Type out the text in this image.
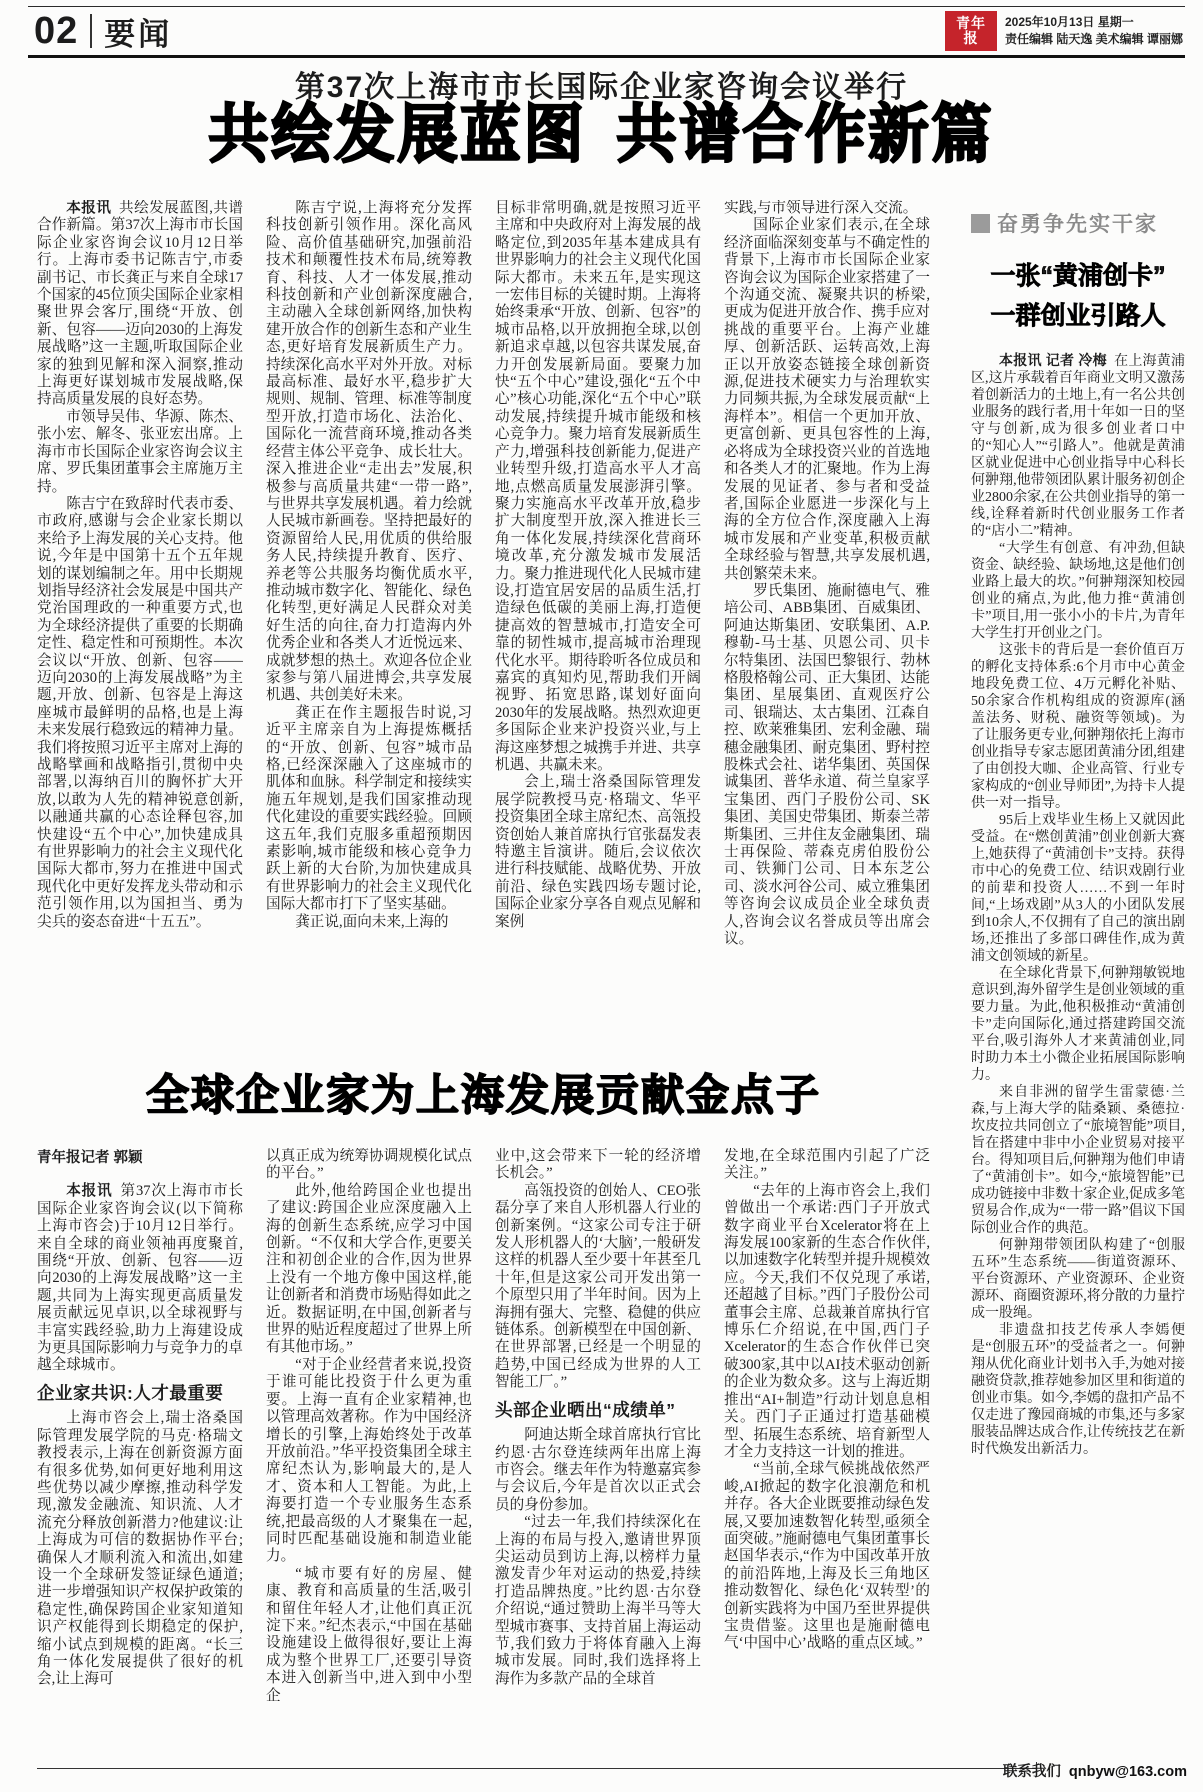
02 要闻	青年报
2025年10月13日 星期一
责任编辑 陆天逸 美术编辑 谭丽娜
第37次上海市市长国际企业家咨询会议举行
共绘发展蓝图 共谱合作新篇

本报讯 共绘发展蓝图,共谱合作新篇。第37次上海市市长国际企业家咨询会议10月12日举行。上海市委书记陈吉宁,市委副书记、市长龚正与来自全球17个国家的45位顶尖国际企业家相聚世界会客厅,围绕“开放、创新、包容——迈向2030的上海发展战略”这一主题,听取国际企业家的独到见解和深入洞察,推动上海更好谋划城市发展战略,保持高质量发展的良好态势。

市领导吴伟、华源、陈杰、张小宏、解冬、张亚宏出席。上海市市长国际企业家咨询会议主席、罗氏集团董事会主席施万主持。

陈吉宁在致辞时代表市委、市政府,感谢与会企业家长期以来给予上海发展的关心支持。他说,今年是中国第十五个五年规划的谋划编制之年。用中长期规划指导经济社会发展是中国共产党治国理政的一种重要方式,也为全球经济提供了重要的长期确定性、稳定性和可预期性。本次会议以“开放、创新、包容——迈向2030的上海发展战略”为主题,开放、创新、包容是上海这座城市最鲜明的品格,也是上海未来发展行稳致远的精神力量。我们将按照习近平主席对上海的战略擘画和战略指引,贯彻中央部署,以海纳百川的胸怀扩大开放,以敢为人先的精神锐意创新,以融通共赢的心态诠释包容,加快建设“五个中心”,加快建成具有世界影响力的社会主义现代化国际大都市,努力在推进中国式现代化中更好发挥龙头带动和示范引领作用,以为国担当、勇为尖兵的姿态奋进“十五五”。

陈吉宁说,上海将充分发挥科技创新引领作用。深化高风险、高价值基础研究,加强前沿技术和颠覆性技术布局,统筹教育、科技、人才一体发展,推动科技创新和产业创新深度融合,主动融入全球创新网络,加快构建开放合作的创新生态和产业生态,更好培育发展新质生产力。持续深化高水平对外开放。对标最高标准、最好水平,稳步扩大规则、规制、管理、标准等制度型开放,打造市场化、法治化、国际化一流营商环境,推动各类经营主体公平竞争、成长壮大。深入推进企业“走出去”发展,积极参与高质量共建“一带一路”,与世界共享发展机遇。着力绘就人民城市新画卷。坚持把最好的资源留给人民,用优质的供给服务人民,持续提升教育、医疗、养老等公共服务均衡优质水平,推动城市数字化、智能化、绿色化转型,更好满足人民群众对美好生活的向往,奋力打造海内外优秀企业和各类人才近悦远来、成就梦想的热土。欢迎各位企业家参与第八届进博会,共享发展机遇、共创美好未来。

龚正在作主题报告时说,习近平主席亲自为上海提炼概括的“开放、创新、包容”城市品格,已经深深融入了这座城市的肌体和血脉。科学制定和接续实施五年规划,是我们国家推动现代化建设的重要实践经验。回顾这五年,我们克服多重超预期因素影响,城市能级和核心竞争力跃上新的大台阶,为加快建成具有世界影响力的社会主义现代化国际大都市打下了坚实基础。

龚正说,面向未来,上海的

目标非常明确,就是按照习近平主席和中央政府对上海发展的战略定位,到2035年基本建成具有世界影响力的社会主义现代化国际大都市。未来五年,是实现这一宏伟目标的关键时期。上海将始终秉承“开放、创新、包容”的城市品格,以开放拥抱全球,以创新追求卓越,以包容共谋发展,奋力开创发展新局面。要聚力加快“五个中心”建设,强化“五个中心”核心功能,深化“五个中心”联动发展,持续提升城市能级和核心竞争力。聚力培育发展新质生产力,增强科技创新能力,促进产业转型升级,打造高水平人才高地,点燃高质量发展澎湃引擎。聚力实施高水平改革开放,稳步扩大制度型开放,深入推进长三角一体化发展,持续深化营商环境改革,充分激发城市发展活力。聚力推进现代化人民城市建设,打造宜居安居的品质生活,打造绿色低碳的美丽上海,打造便捷高效的智慧城市,打造安全可靠的韧性城市,提高城市治理现代化水平。期待聆听各位成员和嘉宾的真知灼见,帮助我们开阔视野、拓宽思路,谋划好面向2030年的发展战略。热烈欢迎更多国际企业来沪投资兴业,与上海这座梦想之城携手并进、共享机遇、共赢未来。

会上,瑞士洛桑国际管理发展学院教授马克·格瑞文、华平投资集团全球主席纪杰、高瓴投资创始人兼首席执行官张磊发表特邀主旨演讲。随后,会议依次进行科技赋能、战略优势、开放前沿、绿色实践四场专题讨论,国际企业家分享各自观点见解和案例

实践,与市领导进行深入交流。

国际企业家们表示,在全球经济面临深刻变革与不确定性的背景下,上海市市长国际企业家咨询会议为国际企业家搭建了一个沟通交流、凝聚共识的桥梁,更成为促进开放合作、携手应对挑战的重要平台。上海产业雄厚、创新活跃、运转高效,上海正以开放姿态链接全球创新资源,促进技术硬实力与治理软实力同频共振,为全球发展贡献“上海样本”。相信一个更加开放、更富创新、更具包容性的上海,必将成为全球投资兴业的首选地和各类人才的汇聚地。作为上海发展的见证者、参与者和受益者,国际企业愿进一步深化与上海的全方位合作,深度融入上海城市发展和产业变革,积极贡献全球经验与智慧,共享发展机遇,共创繁荣未来。

罗氏集团、施耐德电气、雅培公司、ABB集团、百威集团、阿迪达斯集团、安联集团、A.P.穆勒-马士基、贝恩公司、贝卡尔特集团、法国巴黎银行、勃林格殷格翰公司、正大集团、达能集团、星展集团、直观医疗公司、银瑞达、太古集团、江森自控、欧莱雅集团、宏利金融、瑞穗金融集团、耐克集团、野村控股株式会社、诺华集团、英国保诚集团、普华永道、荷兰皇家孚宝集团、西门子股份公司、SK集团、美国史带集团、斯泰兰蒂斯集团、三井住友金融集团、瑞士再保险、蒂森克虏伯股份公司、铁狮门公司、日本东芝公司、淡水河谷公司、威立雅集团等咨询会议成员企业全球负责人,咨询会议名誉成员等出席会议。

全球企业家为上海发展贡献金点子

青年报记者 郭颖

本报讯 第37次上海市市长国际企业家咨询会议(以下简称上海市咨会)于10月12日举行。来自全球的商业领袖再度聚首,围绕“开放、创新、包容——迈向2030的上海发展战略”这一主题,共同为上海实现更高质量发展贡献远见卓识,以全球视野与丰富实践经验,助力上海建设成为更具国际影响力与竞争力的卓越全球城市。

企业家共识:人才最重要

上海市咨会上,瑞士洛桑国际管理发展学院的马克·格瑞文教授表示,上海在创新资源方面有很多优势,如何更好地利用这些优势以减少摩擦,推动科学发现,激发金融流、知识流、人才流充分释放创新潜力?他建议:让上海成为可信的数据协作平台;确保人才顺利流入和流出,如建设一个全球研发签证绿色通道;进一步增强知识产权保护政策的稳定性,确保跨国企业家知道知识产权能得到长期稳定的保护,缩小试点到规模的距离。“长三角一体化发展提供了很好的机会,让上海可

以真正成为统筹协调规模化试点的平台。”

此外,他给跨国企业也提出了建议:跨国企业应深度融入上海的创新生态系统,应学习中国创新。“不仅和大学合作,更要关注和初创企业的合作,因为世界上没有一个地方像中国这样,能让创新者和消费市场贴得如此之近。数据证明,在中国,创新者与世界的贴近程度超过了世界上所有其他市场。”

“对于企业经营者来说,投资于谁可能比投资于什么更为重要。上海一直有企业家精神,也以管理高效著称。作为中国经济增长的引擎,上海始终处于改革开放前沿。”华平投资集团全球主席纪杰认为,影响最大的,是人才、资本和人工智能。为此,上海要打造一个专业服务生态系统,把最高级的人才聚集在一起,同时匹配基础设施和制造业能力。

“城市要有好的房屋、健康、教育和高质量的生活,吸引和留住年轻人才,让他们真正沉淀下来。”纪杰表示,“中国在基础设施建设上做得很好,要让上海成为整个世界工厂,还要引导资本进入创新当中,进入到中小型企

业中,这会带来下一轮的经济增长机会。”

高瓴投资的创始人、CEO张磊分享了来自人形机器人行业的创新案例。“这家公司专注于研发人形机器人的‘大脑’,一般研发这样的机器人至少要十年甚至几十年,但是这家公司开发出第一个原型只用了半年时间。因为上海拥有强大、完整、稳健的供应链体系。创新模型在中国创新、在世界部署,已经是一个明显的趋势,中国已经成为世界的人工智能工厂。”

头部企业晒出“成绩单”

阿迪达斯全球首席执行官比约恩·古尔登连续两年出席上海市咨会。继去年作为特邀嘉宾参与会议后,今年是首次以正式会员的身份参加。

“过去一年,我们持续深化在上海的布局与投入,邀请世界顶尖运动员到访上海,以榜样力量激发青少年对运动的热爱,持续打造品牌热度。”比约恩·古尔登介绍说,“通过赞助上海半马等大型城市赛事、支持首届上海运动节,我们致力于将体育融入上海城市发展。同时,我们选择将上海作为多款产品的全球首

发地,在全球范围内引起了广泛关注。”

“去年的上海市咨会上,我们曾做出一个承诺:西门子开放式数字商业平台Xcelerator将在上海发展100家新的生态合作伙伴,以加速数字化转型并提升规模效应。今天,我们不仅兑现了承诺,还超越了目标。”西门子股份公司董事会主席、总裁兼首席执行官博乐仁介绍说,在中国,西门子Xcelerator的生态合作伙伴已突破300家,其中以AI技术驱动创新的企业为数众多。这与上海近期推出“AI+制造”行动计划息息相关。西门子正通过打造基础模型、拓展生态系统、培育新型人才全力支持这一计划的推进。

“当前,全球气候挑战依然严峻,AI掀起的数字化浪潮危和机并存。各大企业既要推动绿色发展,又要加速数智化转型,亟须全面突破。”施耐德电气集团董事长赵国华表示,“作为中国改革开放的前沿阵地,上海及长三角地区推动数智化、绿色化‘双转型’的创新实践将为中国乃至世界提供宝贵借鉴。这里也是施耐德电气‘中国中心’战略的重点区域。”

奋勇争先实干家
一张“黄浦创卡”
一群创业引路人

本报讯 记者 冷梅 在上海黄浦区,这片承载着百年商业文明又激荡着创新活力的土地上,有一名公共创业服务的践行者,用十年如一日的坚守与创新,成为很多创业者口中的“知心人”“引路人”。他就是黄浦区就业促进中心创业指导中心科长何翀翔,他带领团队累计服务初创企业2800余家,在公共创业指导的第一线,诠释着新时代创业服务工作者的“店小二”精神。

“大学生有创意、有冲劲,但缺资金、缺经验、缺场地,这是他们创业路上最大的坎。”何翀翔深知校园创业的痛点,为此,他力推“黄浦创卡”项目,用一张小小的卡片,为青年大学生打开创业之门。

这张卡的背后是一套价值百万的孵化支持体系:6个月市中心黄金地段免费工位、4万元孵化补贴、50余家合作机构组成的资源库(涵盖法务、财税、融资等领域)。为了让服务更专业,何翀翔依托上海市创业指导专家志愿团黄浦分团,组建了由创投大咖、企业高管、行业专家构成的“创业导师团”,为持卡人提供一对一指导。

95后上戏毕业生杨上又就因此受益。在“燃创黄浦”创业创新大赛上,她获得了“黄浦创卡”支持。获得市中心的免费工位、结识戏剧行业的前辈和投资人……不到一年时间,“上场戏剧”从3人的小团队发展到10余人,不仅拥有了自己的演出剧场,还推出了多部口碑佳作,成为黄浦文创领域的新星。

在全球化背景下,何翀翔敏锐地意识到,海外留学生是创业领域的重要力量。为此,他积极推动“黄浦创卡”走向国际化,通过搭建跨国交流平台,吸引海外人才来黄浦创业,同时助力本土小微企业拓展国际影响力。

来自非洲的留学生雷蒙德·兰森,与上海大学的陆桑颖、桑德拉·坎皮拉共同创立了“旅境智能”项目,旨在搭建中非中小企业贸易对接平台。得知项目后,何翀翔为他们申请了“黄浦创卡”。如今,“旅境智能”已成功链接中非数十家企业,促成多笔贸易合作,成为“一带一路”倡议下国际创业合作的典范。

何翀翔带领团队构建了“创服五环”生态系统——街道资源环、平台资源环、产业资源环、企业资源环、商圈资源环,将分散的力量拧成一股绳。

非遗盘扣技艺传承人李嫣便是“创服五环”的受益者之一。何翀翔从优化商业计划书入手,为她对接融资贷款,推荐她参加区里和街道的创业市集。如今,李嫣的盘扣产品不仅走进了豫园商城的市集,还与多家服装品牌达成合作,让传统技艺在新时代焕发出新活力。

联系我们 qnbyw@163.com
